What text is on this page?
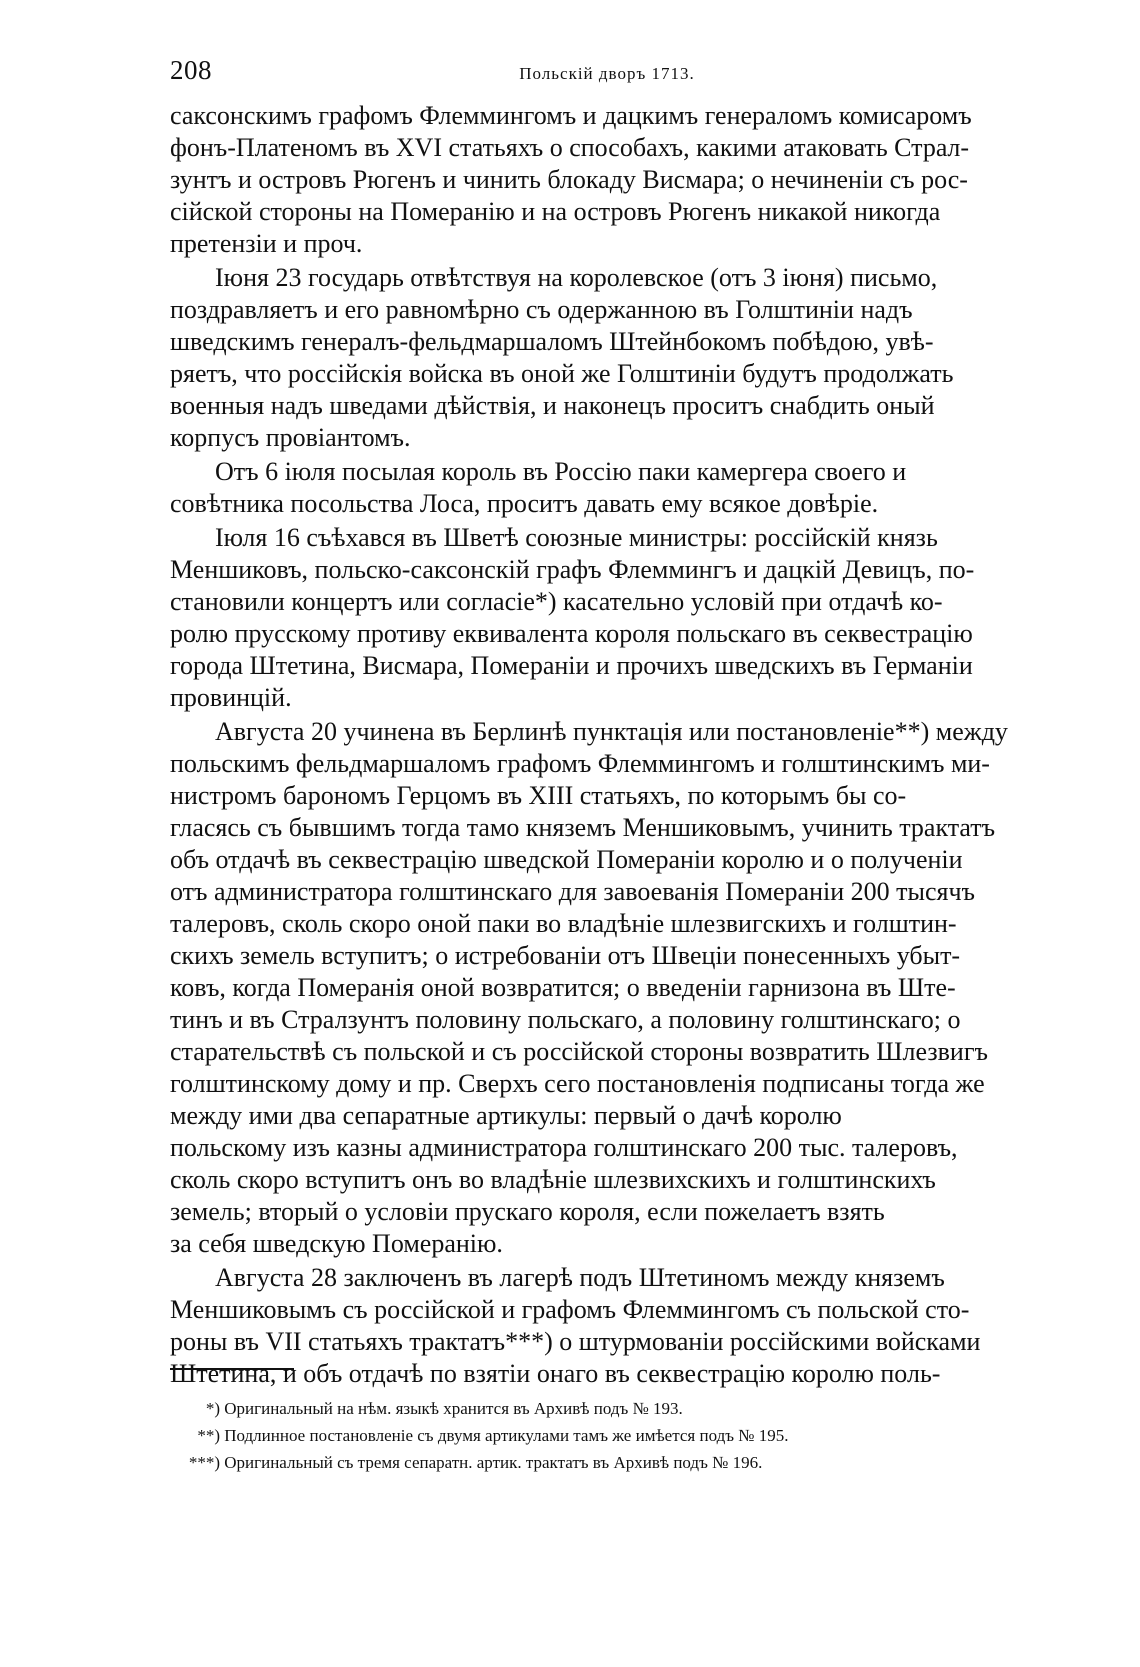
208	Польскій дворъ 1713.
саксонскимъ графомъ Флеммингомъ и дацкимъ генераломъ комисаромъ
фонъ-Платеномъ въ XVI статьяхъ о способахъ, какими атаковать Стрaл-
зунтъ и островъ Рюгенъ и чинить блокаду Висмара; о нечиненіи съ рос-
сійской стороны на Померанію и на островъ Рюгенъ никакой никогда
претензіи и проч.
Іюня 23 государь отвѣтствуя на королевское (отъ 3 іюня) письмо,
поздравляетъ и его равномѣрно съ одержанною въ Голштиніи надъ
шведскимъ генералъ-фельдмаршаломъ Штейнбокомъ побѣдою, увѣ-
ряетъ, что россійскія войска въ оной же Голштиніи будутъ продолжать
военныя надъ шведами дѣйствія, и наконецъ проситъ снабдить оный
корпусъ провіантомъ.
Отъ 6 іюля посылая король въ Россію паки камергера своего и
совѣтника посольства Лоса, проситъ давать ему всякое довѣріе.
Іюля 16 съѣхався въ Шветѣ союзные министры: россійскій князь
Меншиковъ, польско-саксонскій графъ Флеммингъ и дацкій Девицъ, по-
становили концертъ или согласіе*) касательно условій при отдачѣ ко-
ролю прусскому противу еквивалента короля польскаго въ секвестрацію
города Штетина, Висмара, Помераніи и прочихъ шведскихъ въ Германіи
провинцій.
Августа 20 учинена въ Берлинѣ пунктація или постановленіе**) между
польскимъ фельдмаршаломъ графомъ Флеммингомъ и голштинскимъ ми-
нистромъ барономъ Герцомъ въ XIII статьяхъ, по которымъ бы со-
гласясь съ бывшимъ тогда тамо княземъ Меншиковымъ, учинить трактатъ
объ отдачѣ въ секвестрацію шведской Помераніи королю и о полученіи
отъ администратора голштинскаго для завоеванія Помераніи 200 тысячъ
талеровъ, сколь скоро оной паки во владѣніе шлезвигскихъ и голштин-
скихъ земель вступитъ; о истребованіи отъ Швеціи понесенныхъ убыт-
ковъ, когда Померанія оной возвратится; о введеніи гарнизона въ Ште-
тинъ и въ Стралзунтъ половину польскаго, а половину голштинскаго; о
старательствѣ съ польской и съ россійской стороны возвратить Шлезвигъ
голштинскому дому и пр. Сверхъ сего постановленія подписаны тогда же
между ими два сепаратные артикулы: первый о дачѣ королю
польскому изъ казны администратора голштинскаго 200 тыс. талеровъ,
сколь скоро вступитъ онъ во владѣніе шлезвихскихъ и голштинскихъ
земель; вторый о условіи прускаго короля, если пожелаетъ взять
за себя шведскую Померанію.
Августа 28 заключенъ въ лагерѣ подъ Штетиномъ между княземъ
Меншиковымъ съ россійской и графомъ Флеммингомъ съ польской сто-
роны въ VII статьяхъ трактатъ***) о штурмованіи россійскими войсками
Штетина, и объ отдачѣ по взятіи онаго въ секвестрацію королю поль-
*) Оригинальный на нѣм. языкѣ хранится въ Архивѣ подъ № 193.
**) Подлинное постановленіе съ двумя артикулами тамъ же имѣется подъ № 195.
***) Оригинальный съ тремя сепаратн. артик. трактатъ въ Архивѣ подъ № 196.
